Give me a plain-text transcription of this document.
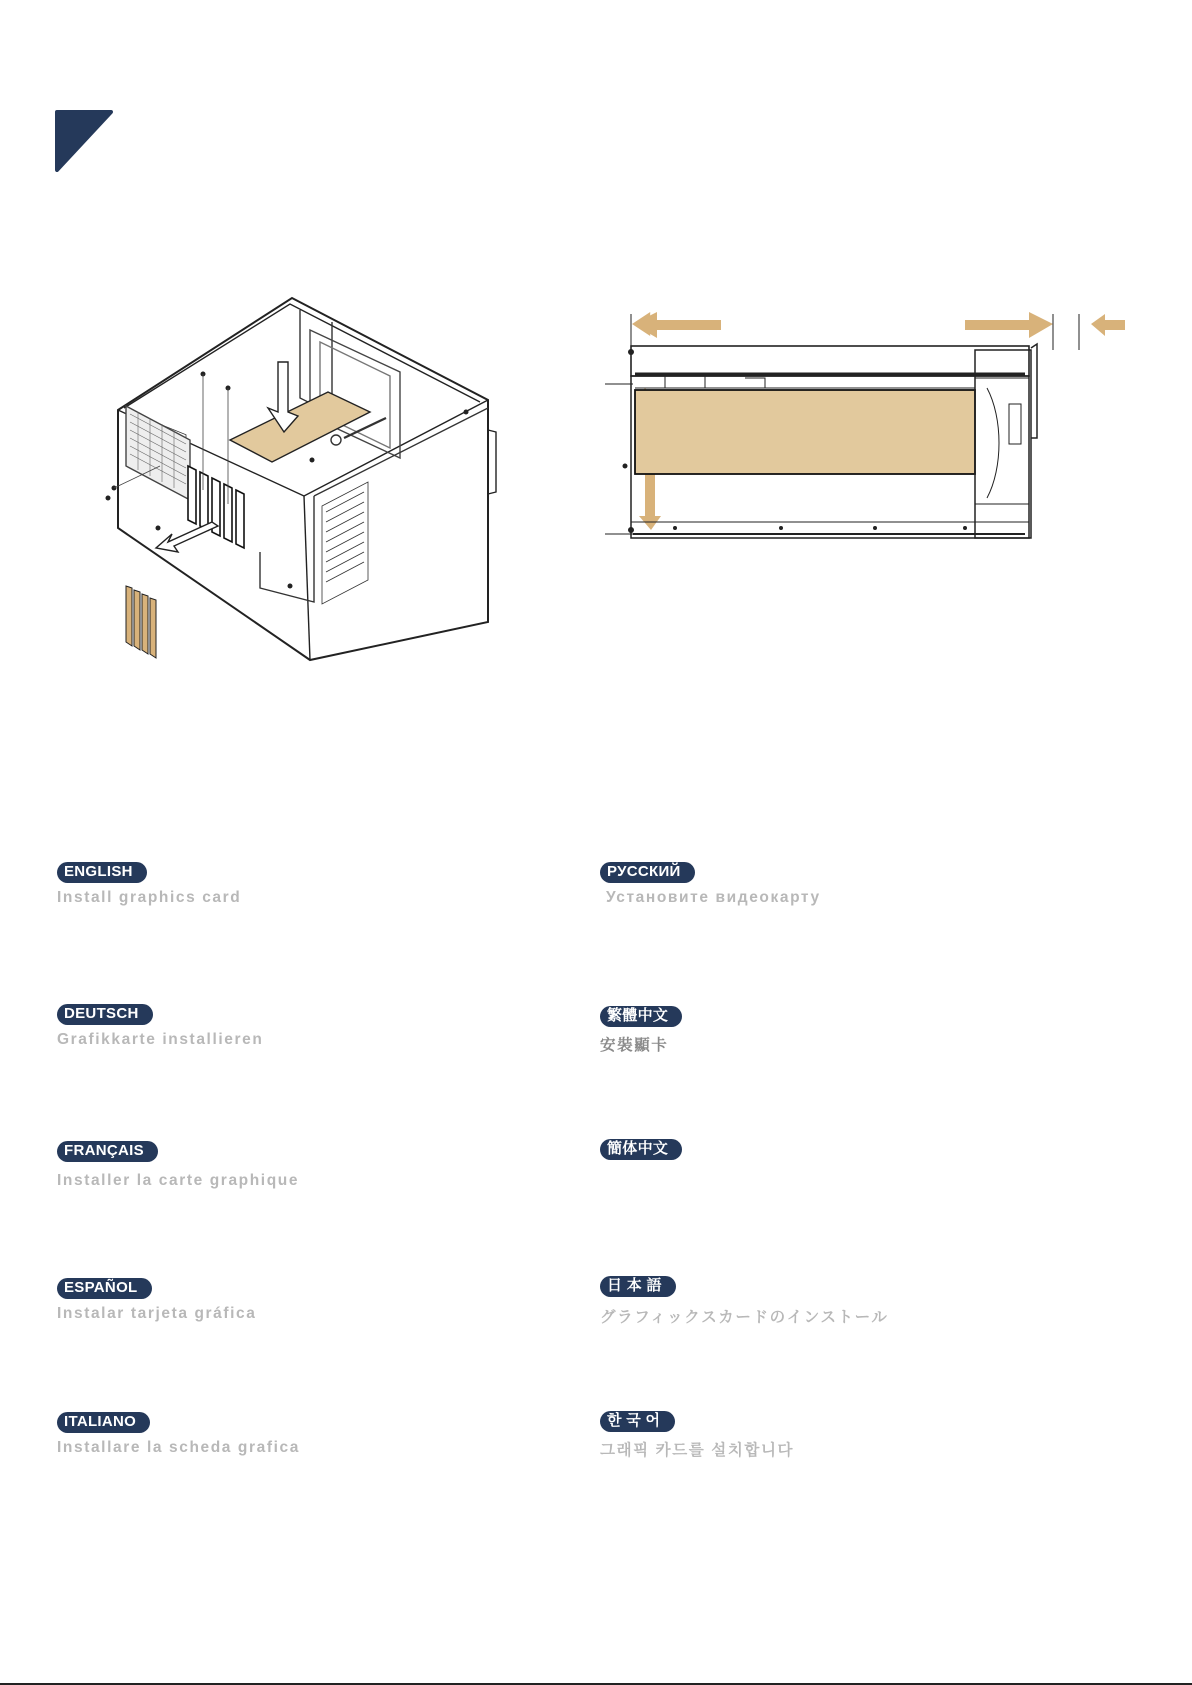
ENGLISH
Install graphics card
РУССКИЙ
Установите видеокарту
DEUTSCH
Grafikkarte installieren
繁體中文
安裝顯卡
FRANÇAIS
Installer la carte graphique
簡体中文
ESPAÑOL
Instalar tarjeta gráfica
日 本 語
グラフィックスカードのインストール
ITALIANO
Installare la scheda grafica
한 국 어
그래픽 카드를 설치합니다
